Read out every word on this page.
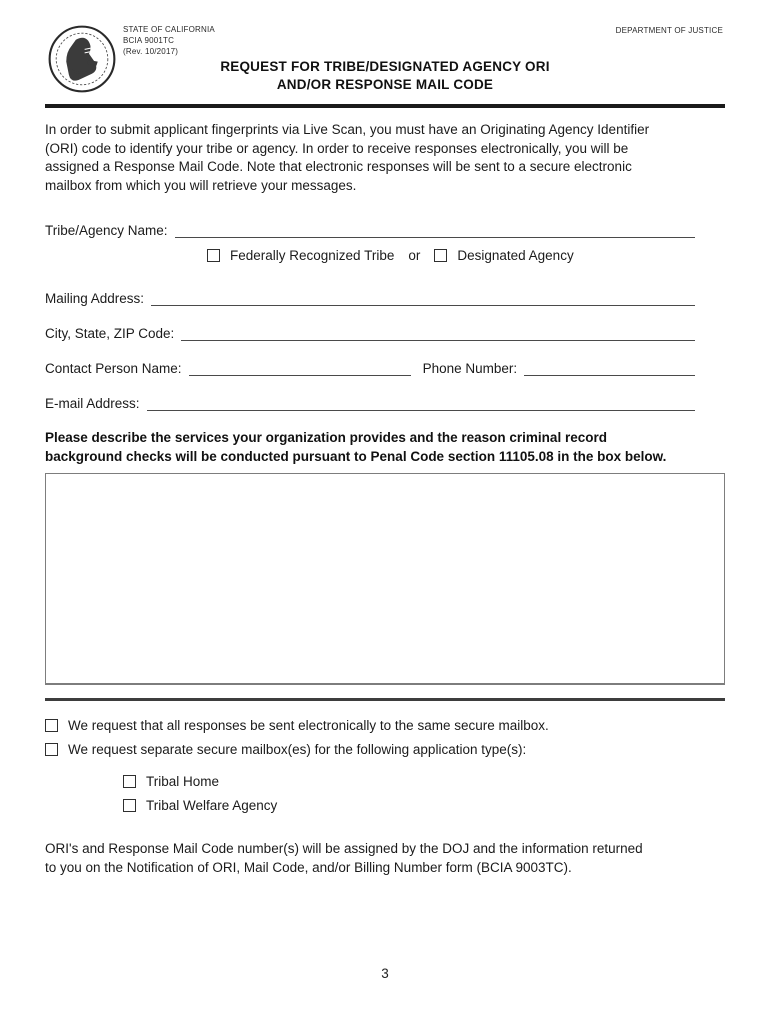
STATE OF CALIFORNIA
BCIA 9001TC
(Rev. 10/2017)
DEPARTMENT OF JUSTICE
REQUEST FOR TRIBE/DESIGNATED AGENCY ORI
AND/OR RESPONSE MAIL CODE
In order to submit applicant fingerprints via Live Scan, you must have an Originating Agency Identifier
(ORI) code to identify your tribe or agency. In order to receive responses electronically, you will be
assigned a Response Mail Code. Note that electronic responses will be sent to a secure electronic
mailbox from which you will retrieve your messages.
Tribe/Agency Name:
Federally Recognized Tribe or	Designated Agency
Mailing Address:
City, State, ZIP Code:
Contact Person Name:	Phone Number:
E-mail Address:
Please describe the services your organization provides and the reason criminal record
background checks will be conducted pursuant to Penal Code section 11105.08 in the box below.
We request that all responses be sent electronically to the same secure mailbox.
We request separate secure mailbox(es) for the following application type(s):
Tribal Home
Tribal Welfare Agency
ORI's and Response Mail Code number(s) will be assigned by the DOJ and the information returned
to you on the Notification of ORI, Mail Code, and/or Billing Number form (BCIA 9003TC).
3
